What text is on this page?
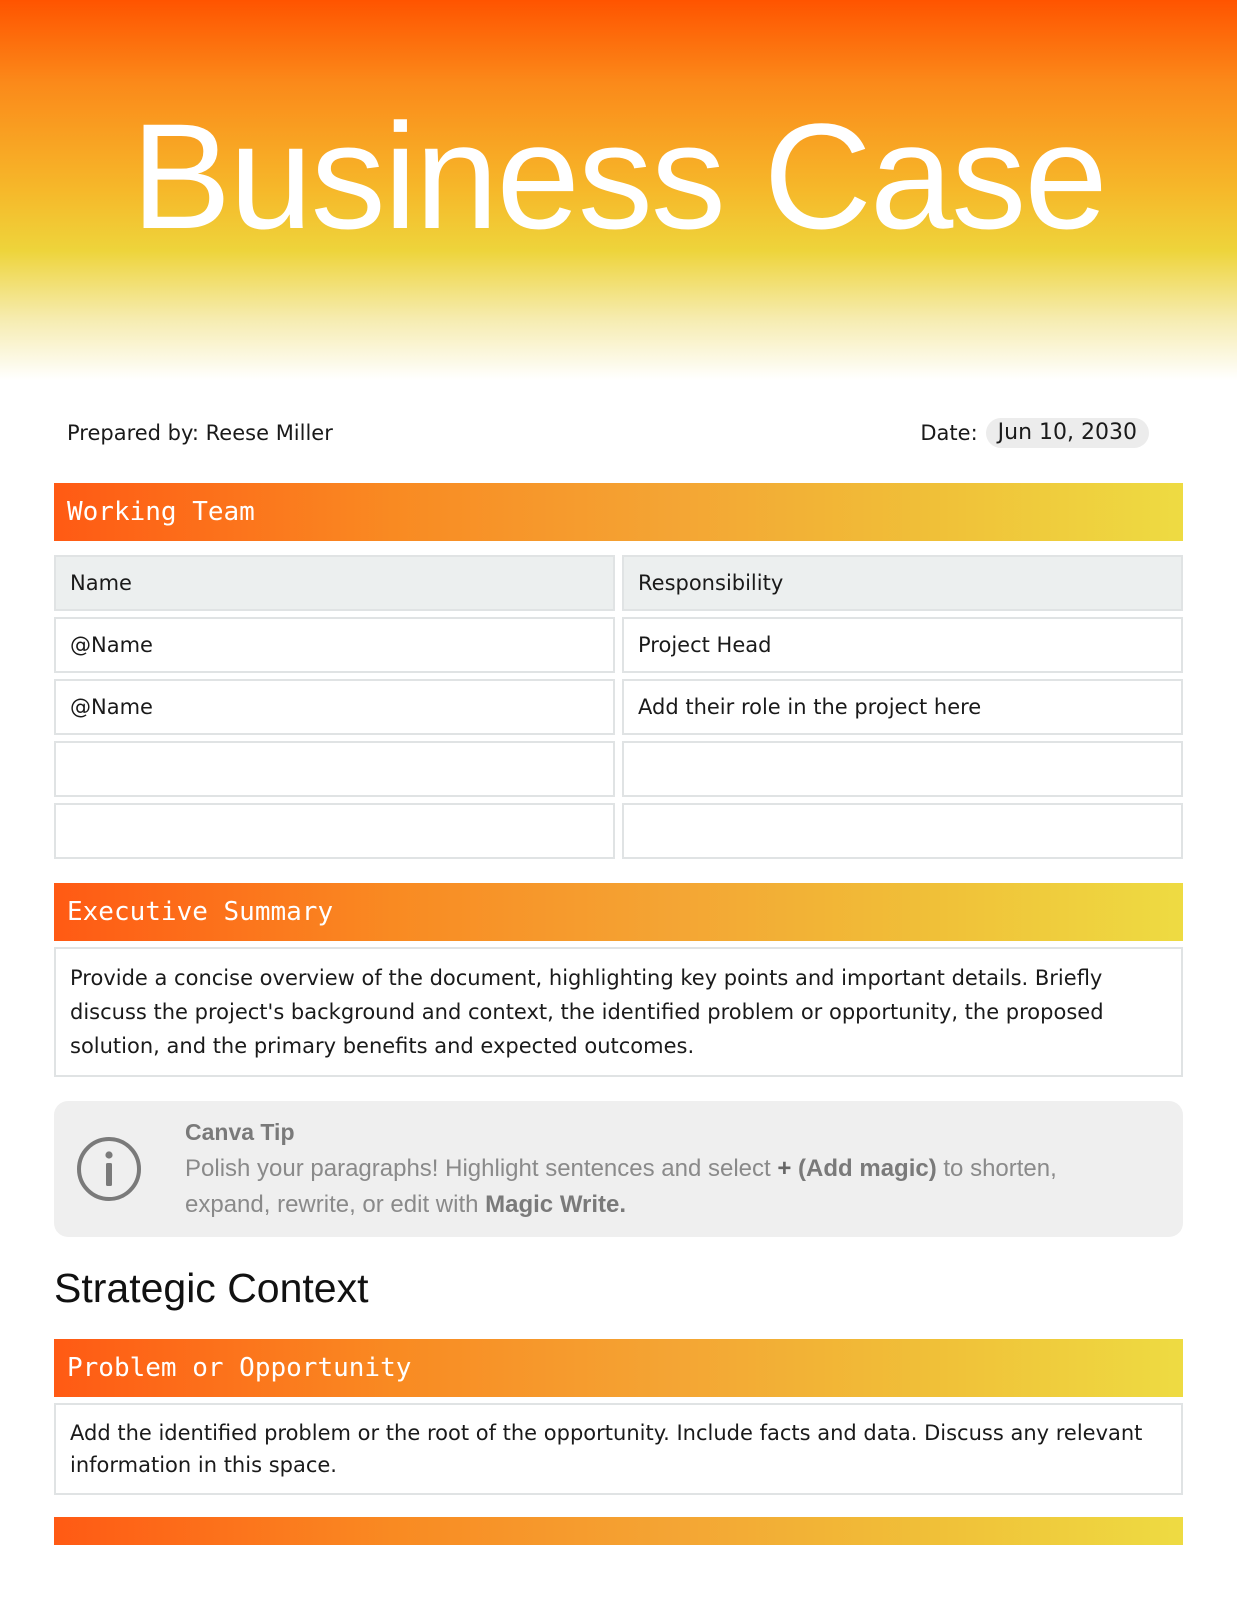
Business Case
Prepared by: Reese Miller	Date: Jun 10, 2030
Working Team
Name	Responsibility
@Name	Project Head
@Name	Add their role in the project here
Executive Summary

Provide a concise overview of the document, highlighting key points and important details. Briefly discuss the project's background and context, the identified problem or opportunity, the proposed solution, and the primary benefits and expected outcomes.

Canva Tip

Polish your paragraphs! Highlight sentences and select + (Add magic) to shorten, expand, rewrite, or edit with Magic Write.

Strategic Context
Problem or Opportunity

Add the identified problem or the root of the opportunity. Include facts and data. Discuss any relevant information in this space.
